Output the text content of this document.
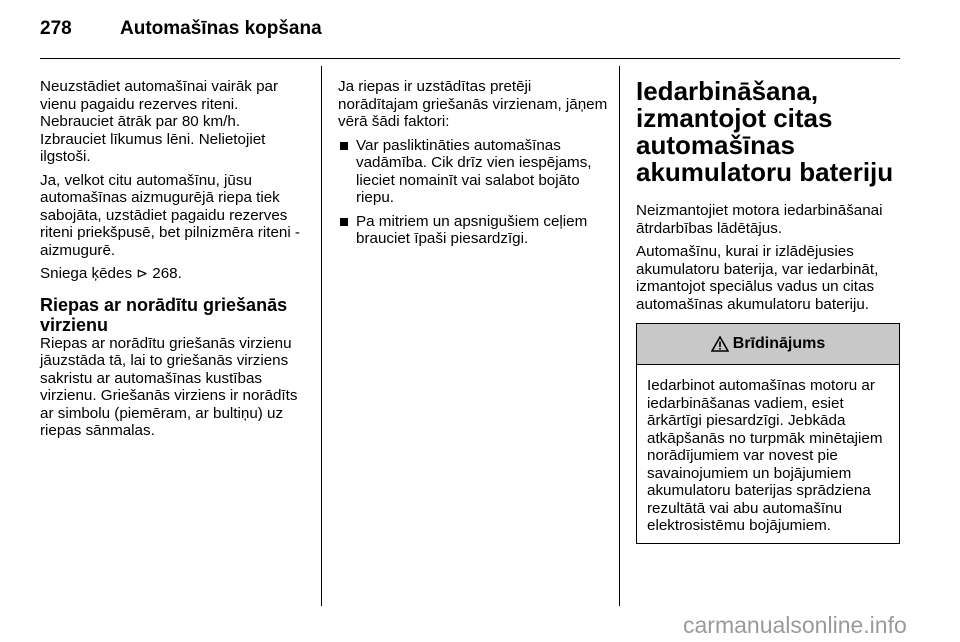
278	Automašīnas kopšana

Neuzstādiet automašīnai vairāk par vienu pagaidu rezerves riteni. Nebrauciet ātrāk par 80 km/h. Izbrauciet līkumus lēni. Nelietojiet ilgstoši.

Ja, velkot citu automašīnu, jūsu automašīnas aizmugurējā riepa tiek sabojāta, uzstādiet pagaidu rezerves riteni priekšpusē, bet pilnizmēra riteni - aizmugurē.

Sniega ķēdes ⊳ 268.

Riepas ar norādītu griešanās virzienu

Riepas ar norādītu griešanās virzienu jāuzstāda tā, lai to griešanās virziens sakristu ar automašīnas kustības virzienu. Griešanās virziens ir norādīts ar simbolu (piemēram, ar bultiņu) uz riepas sānmalas.

Ja riepas ir uzstādītas pretēji norādītajam griešanās virzienam, jāņem vērā šādi faktori:

Var pasliktināties automašīnas vadāmība. Cik drīz vien iespējams, lieciet nomainīt vai salabot bojāto riepu.
Pa mitriem un apsnigušiem ceļiem brauciet īpaši piesardzīgi.
Iedarbināšana, izmantojot citas automašīnas akumulatoru bateriju

Neizmantojiet motora iedarbināšanai ātrdarbības lādētājus.

Automašīnu, kurai ir izlādējusies akumulatoru baterija, var iedarbināt, izmantojot speciālus vadus un citas automašīnas akumulatoru bateriju.

Brīdinājums
Iedarbinot automašīnas motoru ar iedarbināšanas vadiem, esiet ārkārtīgi piesardzīgi. Jebkāda atkāpšanās no turpmāk minētajiem norādījumiem var novest pie savainojumiem un bojājumiem akumulatoru baterijas sprādziena rezultātā vai abu automašīnu elektrosistēmu bojājumiem.
carmanualsonline.info
